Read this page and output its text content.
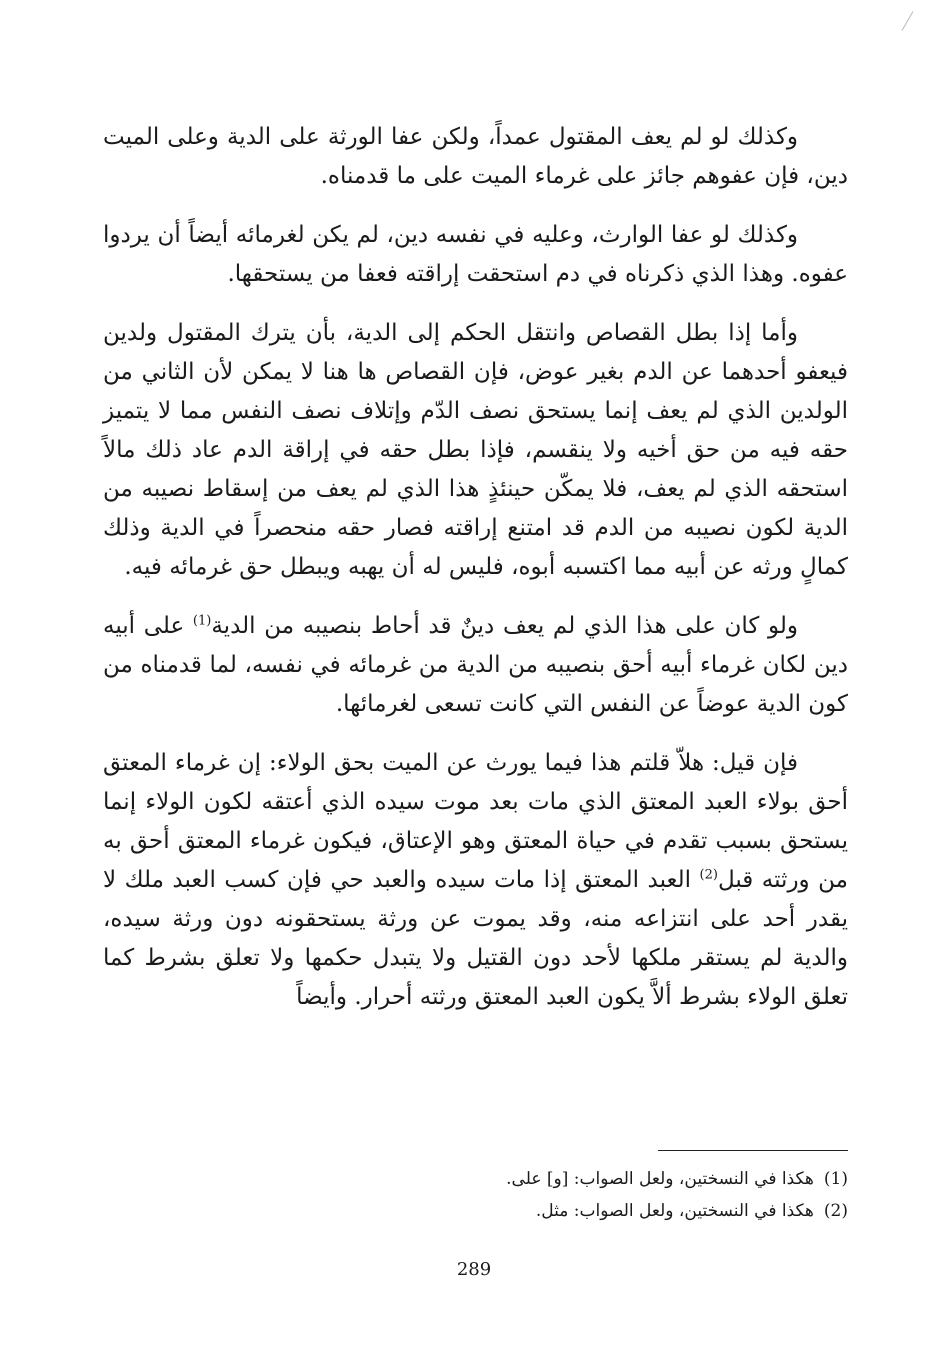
وكذلك لو لم يعف المقتول عمداً، ولكن عفا الورثة على الدية وعلى الميت دين، فإن عفوهم جائز على غرماء الميت على ما قدمناه.

وكذلك لو عفا الوارث، وعليه في نفسه دين، لم يكن لغرمائه أيضاً أن يردوا عفوه. وهذا الذي ذكرناه في دم استحقت إراقته فعفا من يستحقها.

وأما إذا بطل القصاص وانتقل الحكم إلى الدية، بأن يترك المقتول ولدين فيعفو أحدهما عن الدم بغير عوض، فإن القصاص ها هنا لا يمكن لأن الثاني من الولدين الذي لم يعف إنما يستحق نصف الدّم وإتلاف نصف النفس مما لا يتميز حقه فيه من حق أخيه ولا ينقسم، فإذا بطل حقه في إراقة الدم عاد ذلك مالاً استحقه الذي لم يعف، فلا يمكّن حينئذٍ هذا الذي لم يعف من إسقاط نصيبه من الدية لكون نصيبه من الدم قد امتنع إراقته فصار حقه منحصراً في الدية وذلك كمالٍ ورثه عن أبيه مما اكتسبه أبوه، فليس له أن يهبه ويبطل حق غرمائه فيه.

ولو كان على هذا الذي لم يعف دينٌ قد أحاط بنصيبه من الدية$^{(1)}$ على أبيه دين لكان غرماء أبيه أحق بنصيبه من الدية من غرمائه في نفسه، لما قدمناه من كون الدية عوضاً عن النفس التي كانت تسعى لغرمائها.

فإن قيل: هلاّ قلتم هذا فيما يورث عن الميت بحق الولاء: إن غرماء المعتق أحق بولاء العبد المعتق الذي مات بعد موت سيده الذي أعتقه لكون الولاء إنما يستحق بسبب تقدم في حياة المعتق وهو الإعتاق، فيكون غرماء المعتق أحق به من ورثته قبل$^{(2)}$ العبد المعتق إذا مات سيده والعبد حي فإن كسب العبد ملك لا يقدر أحد على انتزاعه منه، وقد يموت عن ورثة يستحقونه دون ورثة سيده، والدية لم يستقر ملكها لأحد دون القتيل ولا يتبدل حكمها ولا تعلق بشرط كما تعلق الولاء بشرط ألاَّ يكون العبد المعتق ورثته أحرار. وأيضاً

(1)هكذا في النسختين، ولعل الصواب: [و] على.

(2)هكذا في النسختين، ولعل الصواب: مثل.

289
